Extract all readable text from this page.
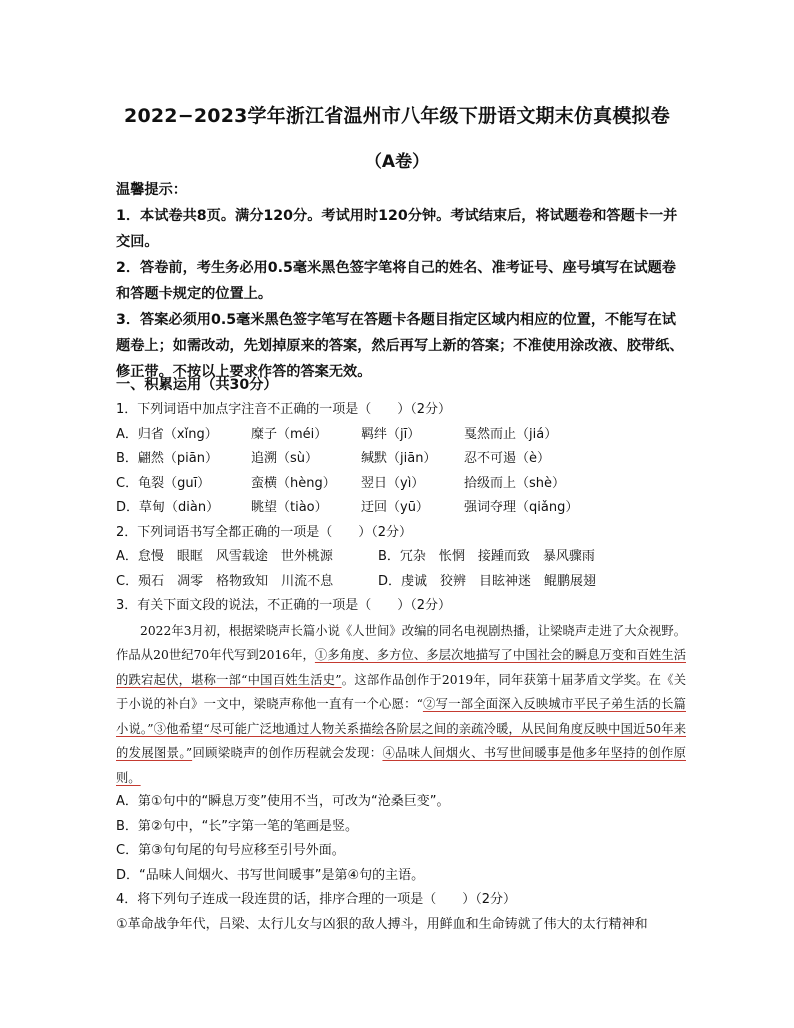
2022−2023学年浙江省温州市八年级下册语文期末仿真模拟卷
（A卷）

温馨提示：

1．本试卷共8页。满分120分。考试用时120分钟。考试结束后，将试题卷和答题卡一并交回。

2．答卷前，考生务必用0.5毫米黑色签字笔将自己的姓名、准考证号、座号填写在试题卷和答题卡规定的位置上。

3．答案必须用0.5毫米黑色签字笔写在答题卡各题目指定区域内相应的位置，不能写在试题卷上；如需改动，先划掉原来的答案，然后再写上新的答案；不准使用涂改液、胶带纸、修正带。不按以上要求作答的答案无效。

一、积累运用（共30分）

1．下列词语中加点字注音不正确的一项是（　　）（2分）

A．归省（xǐng）	糜子（méi）	羁绊（jī）	戛然而止（jiá）
B．翩然（piān）	追溯（sù）	缄默（jiān）	忍不可遏（è）
C．龟裂（guī）	蛮横（hèng）	翌日（yì）	拾级而上（shè）
D．草甸（diàn）	眺望（tiào）	迂回（yū）	强词夺理（qiǎng）

2．下列词语书写全都正确的一项是（　　）（2分）

A．怠慢　眼眶　风雪载途　世外桃源	B．冗杂　怅惘　接踵而致　暴风骤雨
C．殒石　凋零　格物致知　川流不息	D．虔诚　狡辨　目眩神迷　鲲鹏展翅

3．有关下面文段的说法，不正确的一项是（　　）（2分）

2022年3月初，根据梁晓声长篇小说《人世间》改编的同名电视剧热播，让梁晓声走进了大众视野。作品从20世纪70年代写到2016年，①多角度、多方位、多层次地描写了中国社会的瞬息万变和百姓生活的跌宕起伏，堪称一部“中国百姓生活史”。这部作品创作于2019年，同年获第十届茅盾文学奖。在《关于小说的补白》一文中，梁晓声称他一直有一个心愿：“②写一部全面深入反映城市平民子弟生活的长篇小说。”③他希望“尽可能广泛地通过人物关系描绘各阶层之间的亲疏冷暖，从民间角度反映中国近50年来的发展图景。”回顾梁晓声的创作历程就会发现：④品味人间烟火、书写世间暖事是他多年坚持的创作原则。

A．第①句中的“瞬息万变”使用不当，可改为“沧桑巨变”。

B．第②句中，“长”字第一笔的笔画是竖。

C．第③句句尾的句号应移至引号外面。

D．“品味人间烟火、书写世间暖事”是第④句的主语。

4．将下列句子连成一段连贯的话，排序合理的一项是（　　）（2分）

①革命战争年代，吕梁、太行儿女与凶狠的敌人搏斗，用鲜血和生命铸就了伟大的太行精神和
